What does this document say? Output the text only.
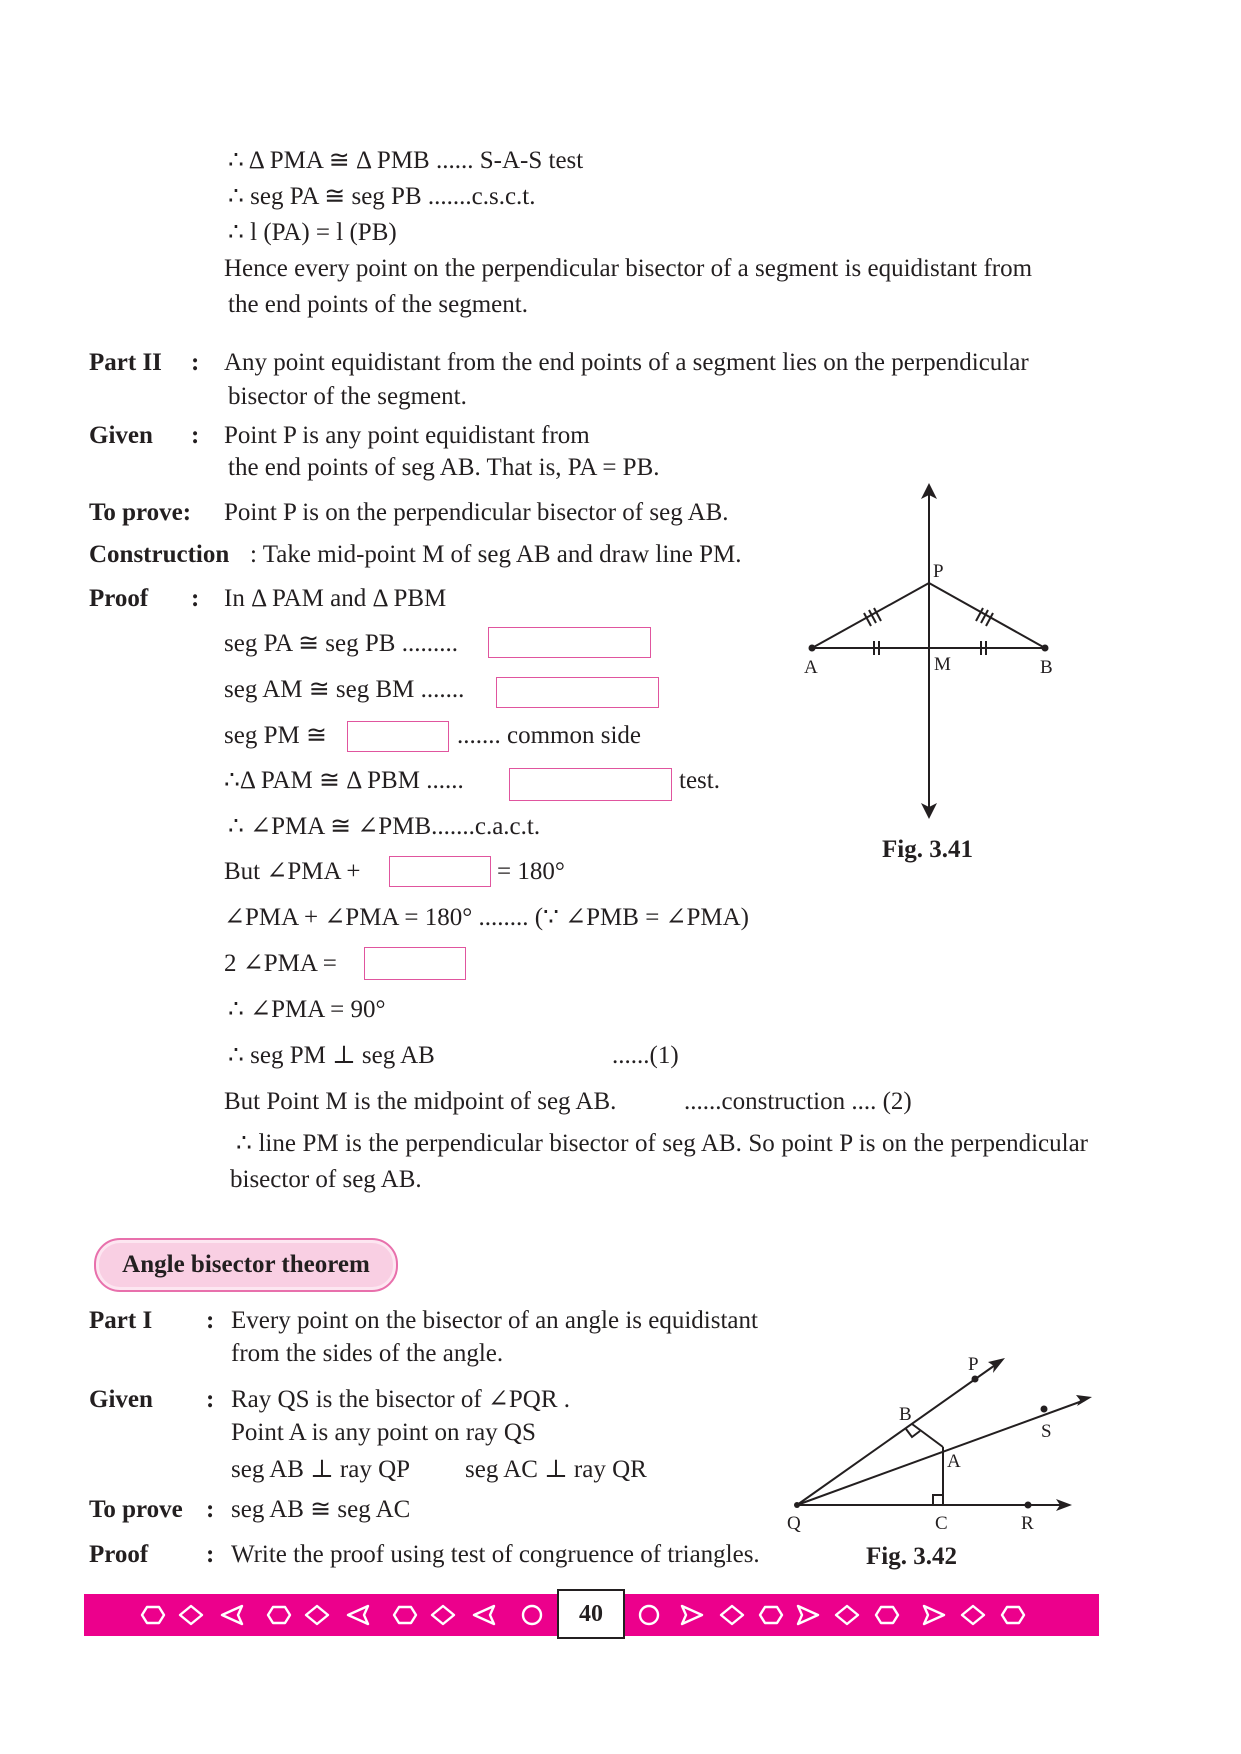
∴ Δ PMA ≅ Δ PMB ...... S-A-S test
∴ seg PA ≅ seg PB .......c.s.c.t.
∴ l (PA) = l (PB)
Hence every point on the perpendicular bisector of a segment is equidistant from
the end points of the segment.
Part II : Any point equidistant from the end points of a segment lies on the perpendicular
bisector of the segment.
Given : Point P is any point equidistant from
the end points of seg AB. That is, PA = PB.
To prove: Point P is on the perpendicular bisector of seg AB.
Construction : Take mid-point M of seg AB and draw line PM.
Proof : In Δ PAM and Δ PBM
seg PA ≅ seg PB .........
seg AM ≅ seg BM .......
seg PM ≅	....... common side
∴Δ PAM ≅ Δ PBM ......	test.
∴ ∠PMA ≅ ∠PMB.......c.a.c.t.
But ∠PMA +	= 180°
∠PMA + ∠PMA = 180° ........ (∵ ∠PMB = ∠PMA)
2 ∠PMA =
∴ ∠PMA = 90°
∴ seg PM ⊥ seg AB	......(1)
But Point M is the midpoint of seg AB.	......construction .... (2)
∴ line PM is the perpendicular bisector of seg AB. So point P is on the perpendicular bisector of seg AB.
P
A	M	B
Fig. 3.41
Angle bisector theorem
Part I : Every point on the bisector of an angle is equidistant
from the sides of the angle.
Given : Ray QS is the bisector of ∠PQR .
Point A is any point on ray QS
seg AB ⊥ ray QP seg AC ⊥ ray QR
To prove : seg AB ≅ seg AC
Proof : Write the proof using test of congruence of triangles.
P
B
S
A
Q	C	R
Fig. 3.42
40
